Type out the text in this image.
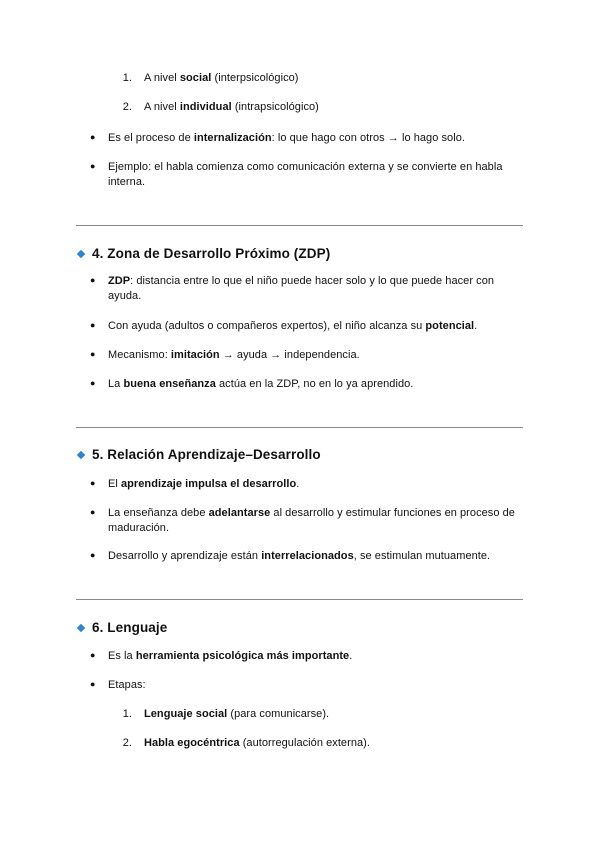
1. A nivel social (interpsicológico)
2. A nivel individual (intrapsicológico)
● Es el proceso de internalización: lo que hago con otros → lo hago solo.
● Ejemplo: el habla comienza como comunicación externa y se convierte en habla
interna.
4. Zona de Desarrollo Próximo (ZDP)
● ZDP: distancia entre lo que el niño puede hacer solo y lo que puede hacer con
ayuda.
● Con ayuda (adultos o compañeros expertos), el niño alcanza su potencial.
● Mecanismo: imitación → ayuda → independencia.
● La buena enseñanza actúa en la ZDP, no en lo ya aprendido.
5. Relación Aprendizaje–Desarrollo
● El aprendizaje impulsa el desarrollo.
● La enseñanza debe adelantarse al desarrollo y estimular funciones en proceso de
maduración.
● Desarrollo y aprendizaje están interrelacionados, se estimulan mutuamente.
6. Lenguaje
● Es la herramienta psicológica más importante.
● Etapas:
1. Lenguaje social (para comunicarse).
2. Habla egocéntrica (autorregulación externa).
